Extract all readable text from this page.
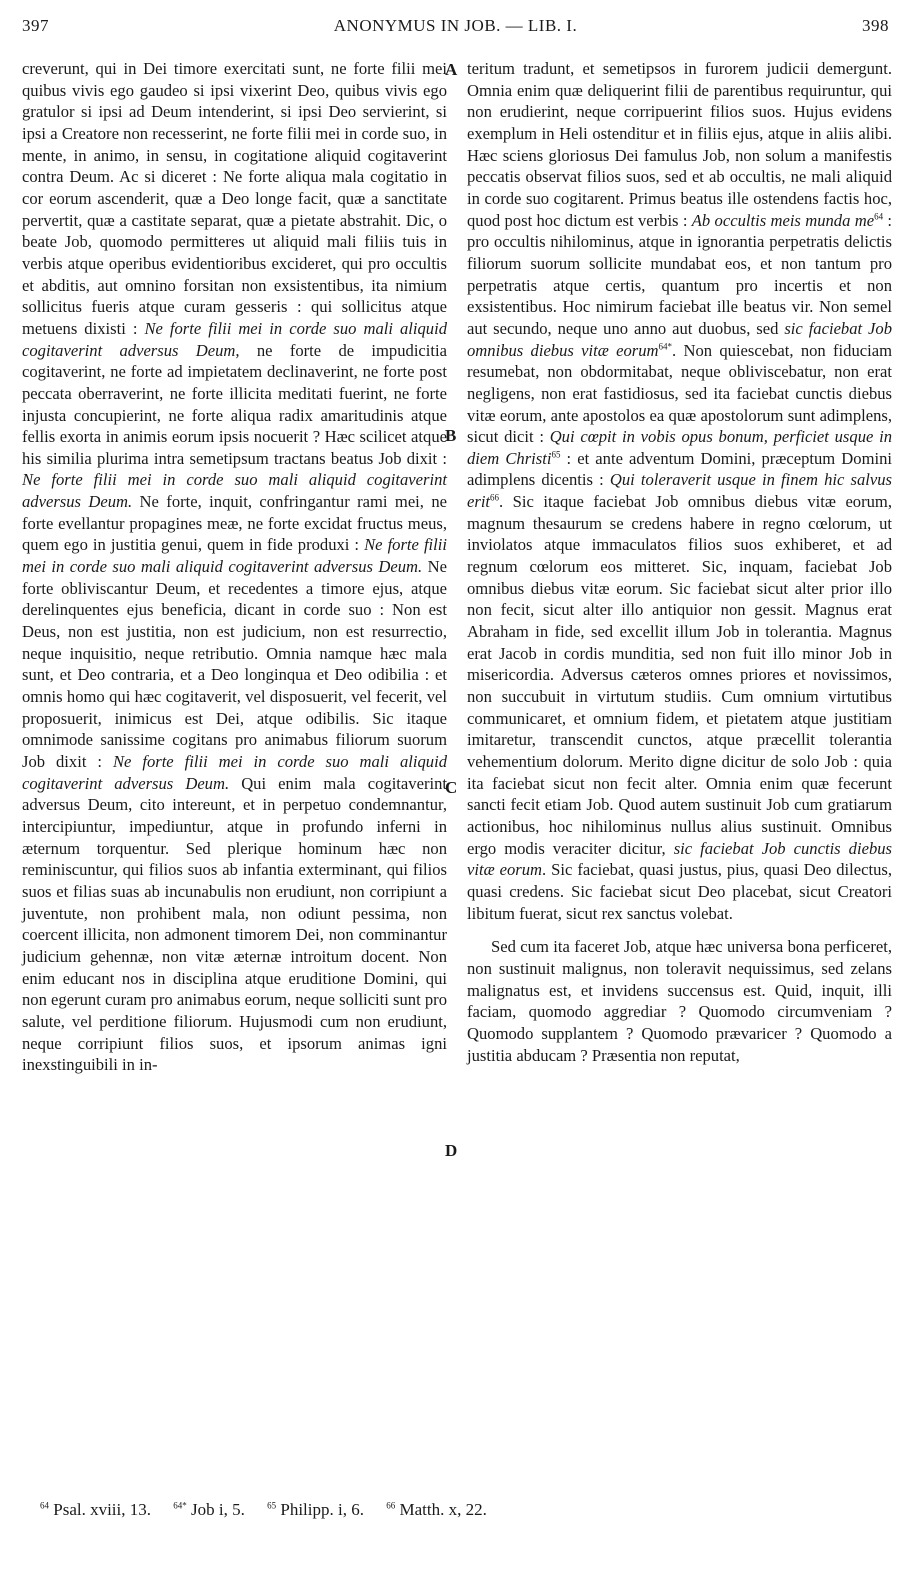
397	ANONYMUS IN JOB. — LIB. I.	398

creverunt, qui in Dei timore exercitati sunt, ne forte filii mei quibus vivis ego gaudeo si ipsi vixerint Deo, quibus vivis ego gratulor si ipsi ad Deum intenderint, si ipsi Deo servierint, si ipsi a Creatore non recesserint, ne forte filii mei in corde suo, in mente, in animo, in sensu, in cogitatione aliquid cogitaverint contra Deum. Ac si diceret : Ne forte aliqua mala cogitatio in cor eorum ascenderit, quæ a Deo longe facit, quæ a sanctitate pervertit, quæ a castitate separat, quæ a pietate abstrahit. Dic, o beate Job, quomodo permitteres ut aliquid mali filiis tuis in verbis atque operibus evidentioribus excideret, qui pro occultis et abditis, aut omnino forsitan non exsistentibus, ita nimium sollicitus fueris atque curam gesseris : qui sollicitus atque metuens dixisti : Ne forte filii mei in corde suo mali aliquid cogitaverint adversus Deum, ne forte de impudicitia cogitaverint, ne forte ad impietatem declinaverint, ne forte post peccata oberraverint, ne forte illicita meditati fuerint, ne forte injusta concupierint, ne forte aliqua radix amaritudinis atque fellis exorta in animis eorum ipsis nocuerit ? Hæc scilicet atque his similia plurima intra semetipsum tractans beatus Job dixit : Ne forte filii mei in corde suo mali aliquid cogitaverint adversus Deum. Ne forte, inquit, confringantur rami mei, ne forte evellantur propagines meæ, ne forte excidat fructus meus, quem ego in justitia genui, quem in fide produxi : Ne forte filii mei in corde suo mali aliquid cogitaverint adversus Deum. Ne forte obliviscantur Deum, et recedentes a timore ejus, atque derelinquentes ejus beneficia, dicant in corde suo : Non est Deus, non est justitia, non est judicium, non est resurrectio, neque inquisitio, neque retributio. Omnia namque hæc mala sunt, et Deo contraria, et a Deo longinqua et Deo odibilia : et omnis homo qui hæc cogitaverit, vel disposuerit, vel fecerit, vel proposuerit, inimicus est Dei, atque odibilis. Sic itaque omnimode sanissime cogitans pro animabus filiorum suorum Job dixit : Ne forte filii mei in corde suo mali aliquid cogitaverint adversus Deum. Qui enim mala cogitaverint adversus Deum, cito intereunt, et in perpetuo condemnantur, intercipiuntur, impediuntur, atque in profundo inferni in æternum torquentur. Sed plerique hominum hæc non reminiscuntur, qui filios suos ab infantia exterminant, qui filios suos et filias suas ab incunabulis non erudiunt, non corripiunt a juventute, non prohibent mala, non odiunt pessima, non coercent illicita, non admonent timorem Dei, non comminantur judicium gehennæ, non vitæ æternæ introitum docent. Non enim educant nos in disciplina atque eruditione Domini, qui non egerunt curam pro animabus eorum, neque solliciti sunt pro salute, vel perditione filiorum. Hujusmodi cum non erudiunt, neque corripiunt filios suos, et ipsorum animas igni inexstinguibili in in-

A
B
C
D

teritum tradunt, et semetipsos in furorem judicii demergunt. Omnia enim quæ deliquerint filii de parentibus requiruntur, qui non erudierint, neque corripuerint filios suos. Hujus evidens exemplum in Heli ostenditur et in filiis ejus, atque in aliis alibi. Hæc sciens gloriosus Dei famulus Job, non solum a manifestis peccatis observat filios suos, sed et ab occultis, ne mali aliquid in corde suo cogitarent. Primus beatus ille ostendens factis hoc, quod post hoc dictum est verbis : Ab occultis meis munda $me^{64}$ : pro occultis nihilominus, atque in ignorantia perpetratis delictis filiorum suorum sollicite mundabat eos, et non tantum pro perpetratis atque certis, quantum pro incertis et non exsistentibus. Hoc nimirum faciebat ille beatus vir. Non semel aut secundo, neque uno anno aut duobus, sed sic faciebat Job omnibus diebus vitæ eorum$^{64*}$. Non quiescebat, non fiduciam resumebat, non obdormitabat, neque obliviscebatur, non erat negligens, non erat fastidiosus, sed ita faciebat cunctis diebus vitæ eorum, ante apostolos ea quæ apostolorum sunt adimplens, sicut dicit : Qui cœpit in vobis opus bonum, perficiet usque in diem Christi$^{65}$ : et ante adventum Domini, præceptum Domini adimplens dicentis : Qui toleraverit usque in finem hic salvus erit$^{66}$. Sic itaque faciebat Job omnibus diebus vitæ eorum, magnum thesaurum se credens habere in regno cœlorum, ut inviolatos atque immaculatos filios suos exhiberet, et ad regnum cœlorum eos mitteret. Sic, inquam, faciebat Job omnibus diebus vitæ eorum. Sic faciebat sicut alter prior illo non fecit, sicut alter illo antiquior non gessit. Magnus erat Abraham in fide, sed excellit illum Job in tolerantia. Magnus erat Jacob in cordis munditia, sed non fuit illo minor Job in misericordia. Adversus cæteros omnes priores et novissimos, non succubuit in virtutum studiis. Cum omnium virtutibus communicaret, et omnium fidem, et pietatem atque justitiam imitaretur, transcendit cunctos, atque præcellit tolerantia vehementium dolorum. Merito digne dicitur de solo Job : quia ita faciebat sicut non fecit alter. Omnia enim quæ fecerunt sancti fecit etiam Job. Quod autem sustinuit Job cum gratiarum actionibus, hoc nihilominus nullus alius sustinuit. Omnibus ergo modis veraciter dicitur, sic faciebat Job cunctis diebus vitæ eorum. Sic faciebat, quasi justus, pius, quasi Deo dilectus, quasi credens. Sic faciebat sicut Deo placebat, sicut Creatori libitum fuerat, sicut rex sanctus volebat.

Sed cum ita faceret Job, atque hæc universa bona perficeret, non sustinuit malignus, non toleravit nequissimus, sed zelans malignatus est, et invidens succensus est. Quid, inquit, illi faciam, quomodo aggrediar ? Quomodo circumveniam ? Quomodo supplantem ? Quomodo prævaricer ? Quomodo a justitia abducam ? Præsentia non reputat,

$^{64}$ Psal. xviii, 13. $^{64*}$ Job i, 5. $^{65}$ Philipp. i, 6. $^{66}$ Matth. x, 22.
